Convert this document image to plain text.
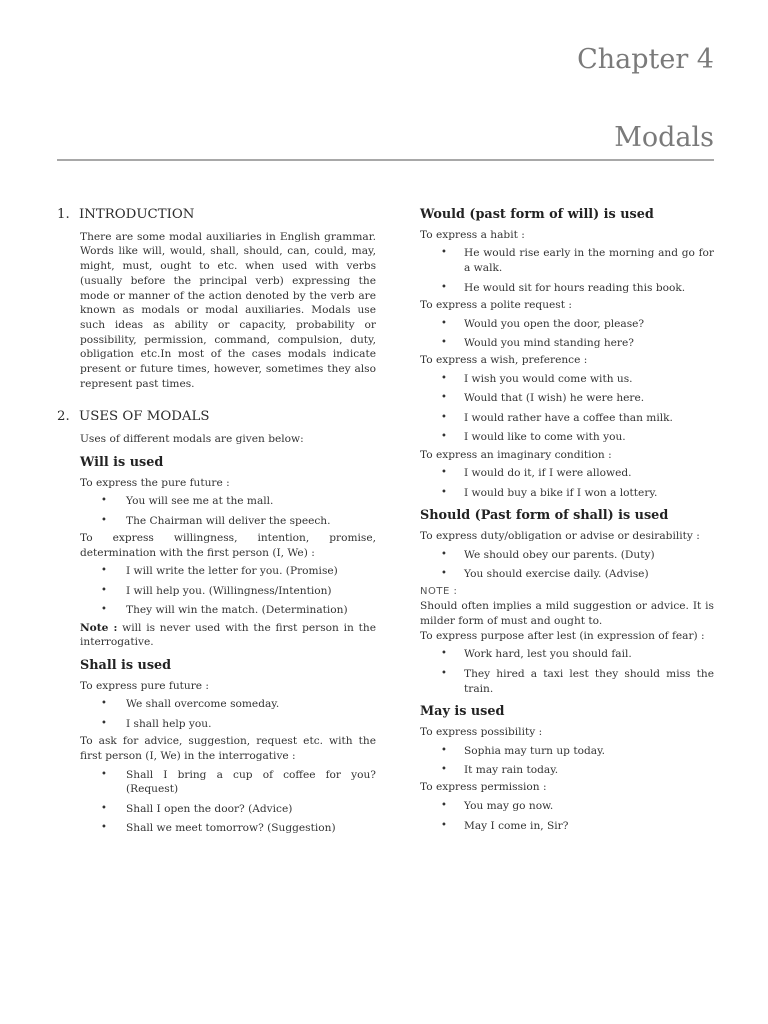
Chapter 4
Modals
1. INTRODUCTION
There are some modal auxiliaries in English grammar. Words like will, would, shall, should, can, could, may, might, must, ought to etc. when used with verbs (usually before the principal verb) expressing the mode or manner of the action denoted by the verb are known as modals or modal auxiliaries. Modals use such ideas as ability or capacity, probability or possibility, permission, command, compulsion, duty, obligation etc.In most of the cases modals indicate present or future times, however, sometimes they also represent past times.
2. USES OF MODALS
Uses of different modals are given below:
Will is used
To express the pure future :
• You will see me at the mall.
• The Chairman will deliver the speech.
To express willingness, intention, promise, determination with the first person (I, We) :
• I will write the letter for you. (Promise)
• I will help you. (Willingness/Intention)
• They will win the match. (Determination)
Note : will is never used with the first person in the interrogative.
Shall is used
To express pure future :
• We shall overcome someday.
• I shall help you.
To ask for advice, suggestion, request etc. with the first person (I, We) in the interrogative :
• Shall I bring a cup of coffee for you? (Request)
• Shall I open the door? (Advice)
• Shall we meet tomorrow? (Suggestion)
Would (past form of will) is used
To express a habit :
• He would rise early in the morning and go for a walk.
• He would sit for hours reading this book.
To express a polite request :
• Would you open the door, please?
• Would you mind standing here?
To express a wish, preference :
• I wish you would come with us.
• Would that (I wish) he were here.
• I would rather have a coffee than milk.
• I would like to come with you.
To express an imaginary condition :
• I would do it, if I were allowed.
• I would buy a bike if I won a lottery.
Should (Past form of shall) is used
To express duty/obligation or advise or desirability :
• We should obey our parents. (Duty)
• You should exercise daily. (Advise)
NOTE :
Should often implies a mild suggestion or advice. It is milder form of must and ought to.
To express purpose after lest (in expression of fear) :
• Work hard, lest you should fail.
• They hired a taxi lest they should miss the train.
May is used
To express possibility :
• Sophia may turn up today.
• It may rain today.
To express permission :
• You may go now.
• May I come in, Sir?
